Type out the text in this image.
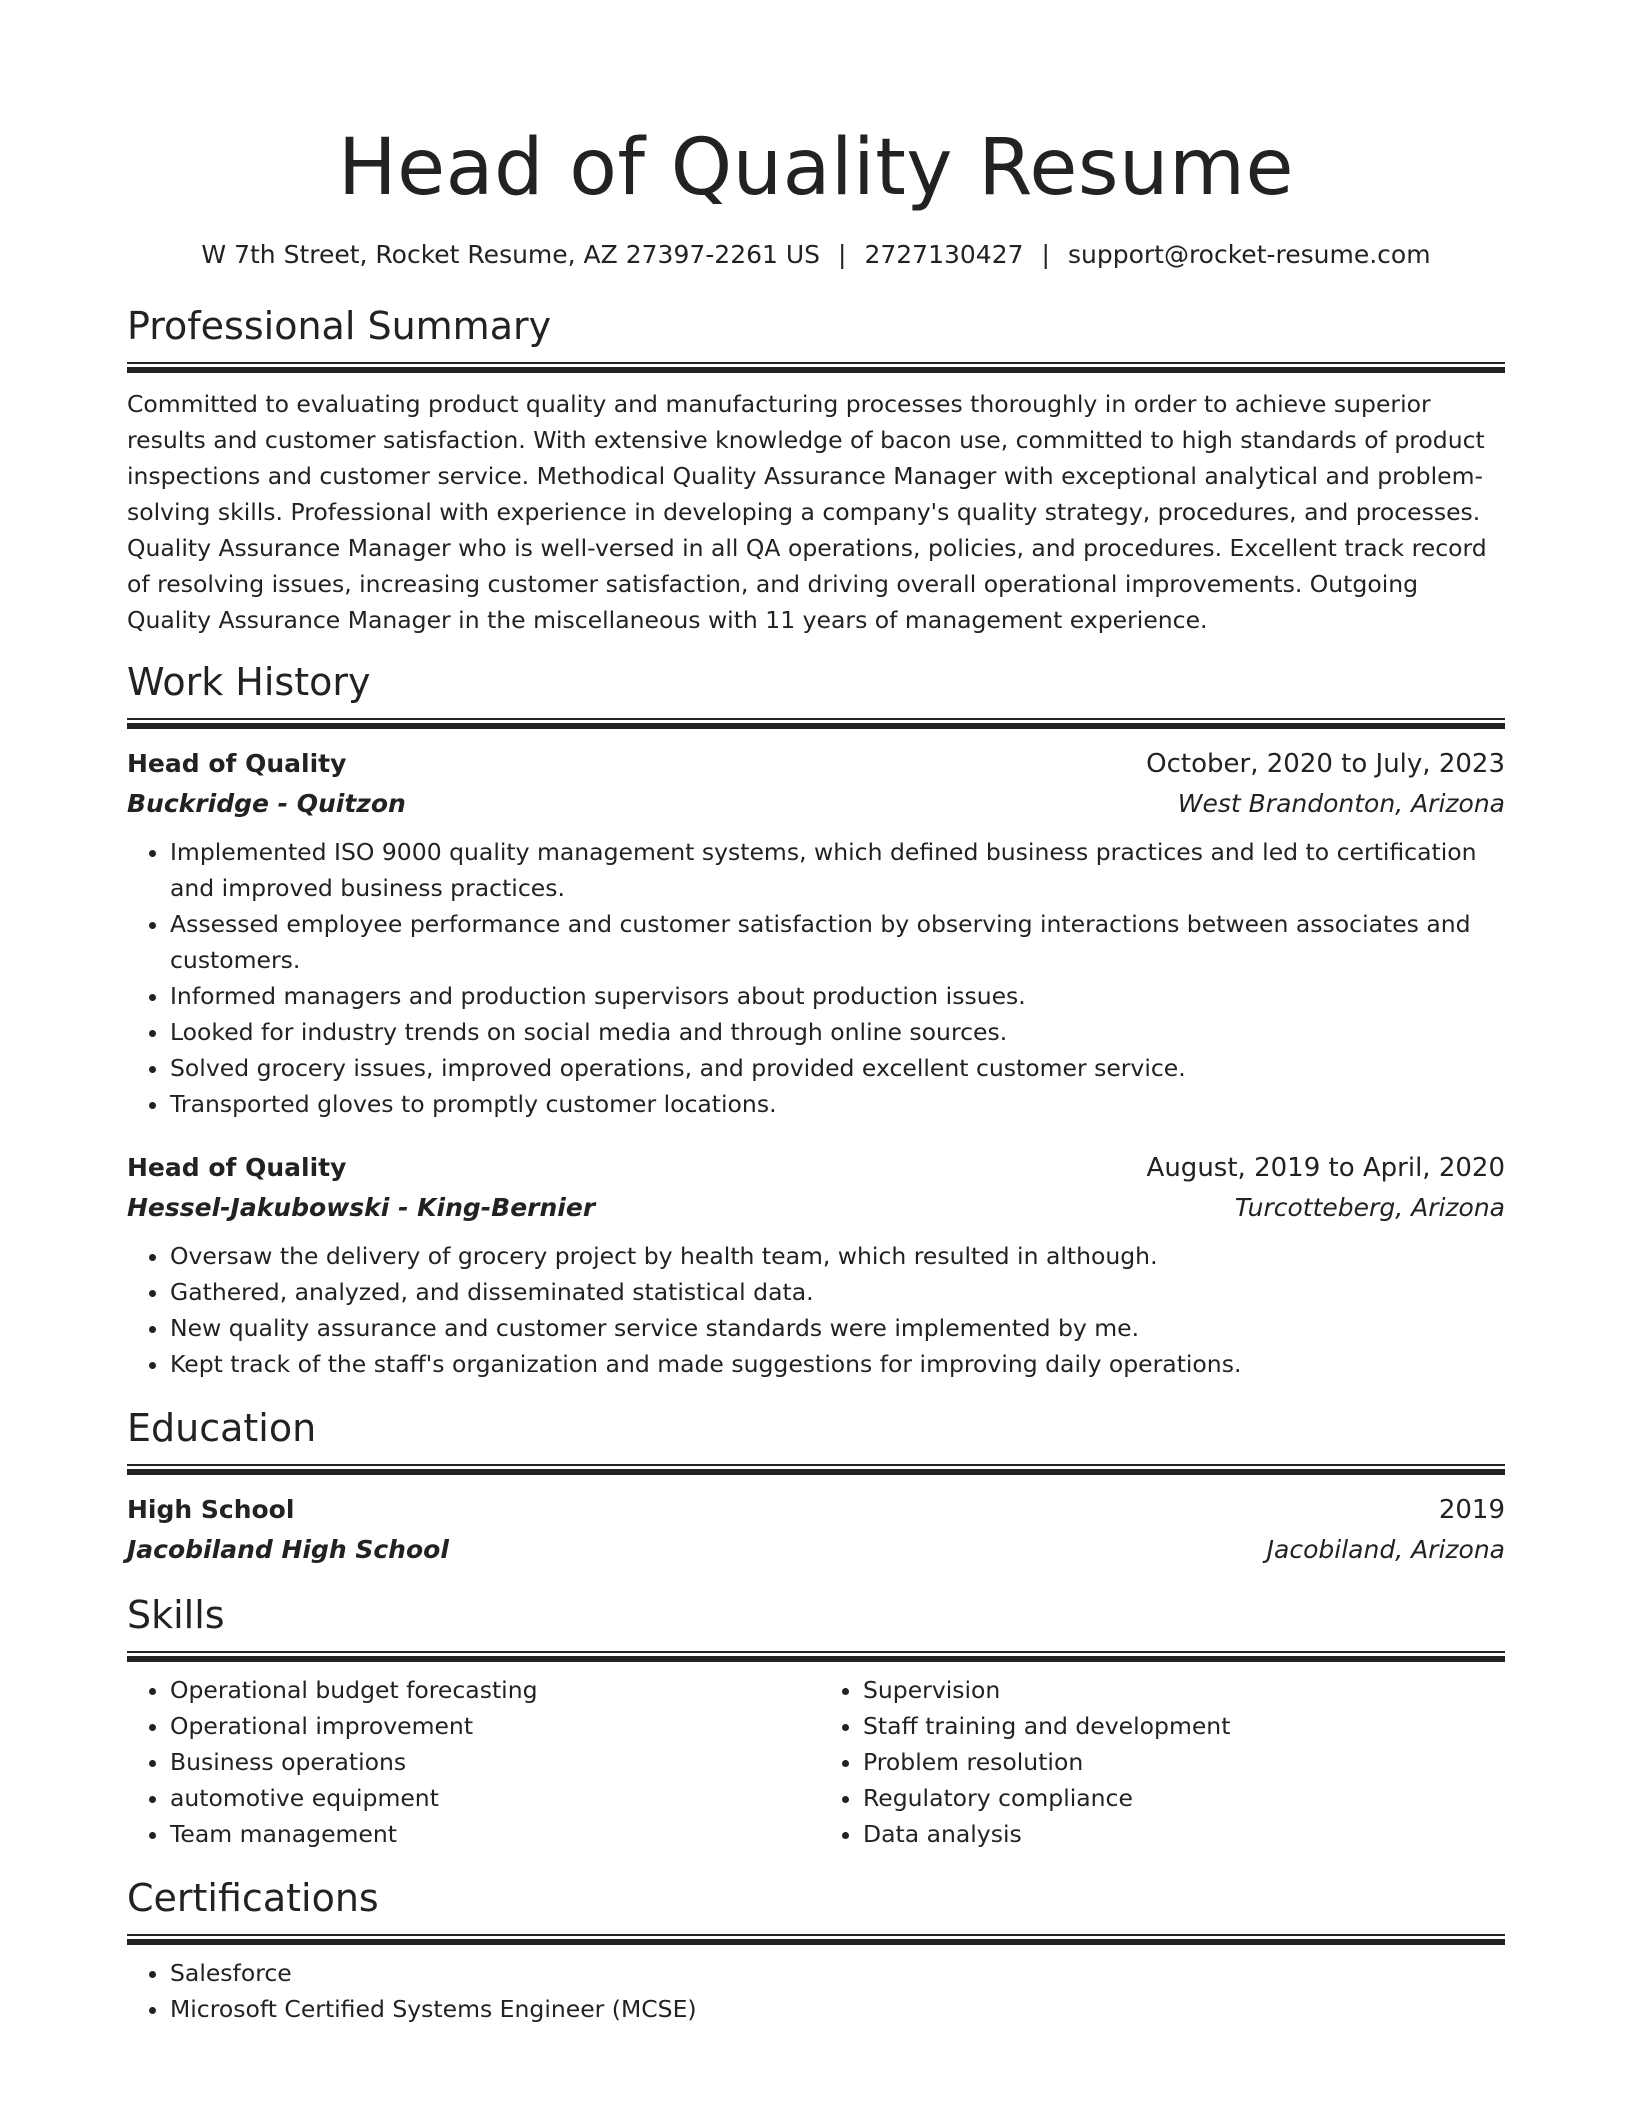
Head of Quality Resume
W 7th Street, Rocket Resume, AZ 27397-2261 US | 2727130427 | support@rocket-resume.com
Professional Summary
Committed to evaluating product quality and manufacturing processes thoroughly in order to achieve superior results and customer satisfaction. With extensive knowledge of bacon use, committed to high standards of product inspections and customer service. Methodical Quality Assurance Manager with exceptional analytical and problem-solving skills. Professional with experience in developing a company's quality strategy, procedures, and processes. Quality Assurance Manager who is well-versed in all QA operations, policies, and procedures. Excellent track record of resolving issues, increasing customer satisfaction, and driving overall operational improvements. Outgoing Quality Assurance Manager in the miscellaneous with 11 years of management experience.
Work History
Head of Quality	October, 2020 to July, 2023
Buckridge - Quitzon	West Brandonton, Arizona
• Implemented ISO 9000 quality management systems, which defined business practices and led to certification and improved business practices.
• Assessed employee performance and customer satisfaction by observing interactions between associates and customers.
• Informed managers and production supervisors about production issues.
• Looked for industry trends on social media and through online sources.
• Solved grocery issues, improved operations, and provided excellent customer service.
• Transported gloves to promptly customer locations.
Head of Quality	August, 2019 to April, 2020
Hessel-Jakubowski - King-Bernier	Turcotteberg, Arizona
• Oversaw the delivery of grocery project by health team, which resulted in although.
• Gathered, analyzed, and disseminated statistical data.
• New quality assurance and customer service standards were implemented by me.
• Kept track of the staff's organization and made suggestions for improving daily operations.
Education
High School	2019
Jacobiland High School	Jacobiland, Arizona
Skills
• Operational budget forecasting
• Operational improvement
• Business operations
• automotive equipment
• Team management
• Supervision
• Staff training and development
• Problem resolution
• Regulatory compliance
• Data analysis
Certifications
• Salesforce
• Microsoft Certified Systems Engineer (MCSE)
